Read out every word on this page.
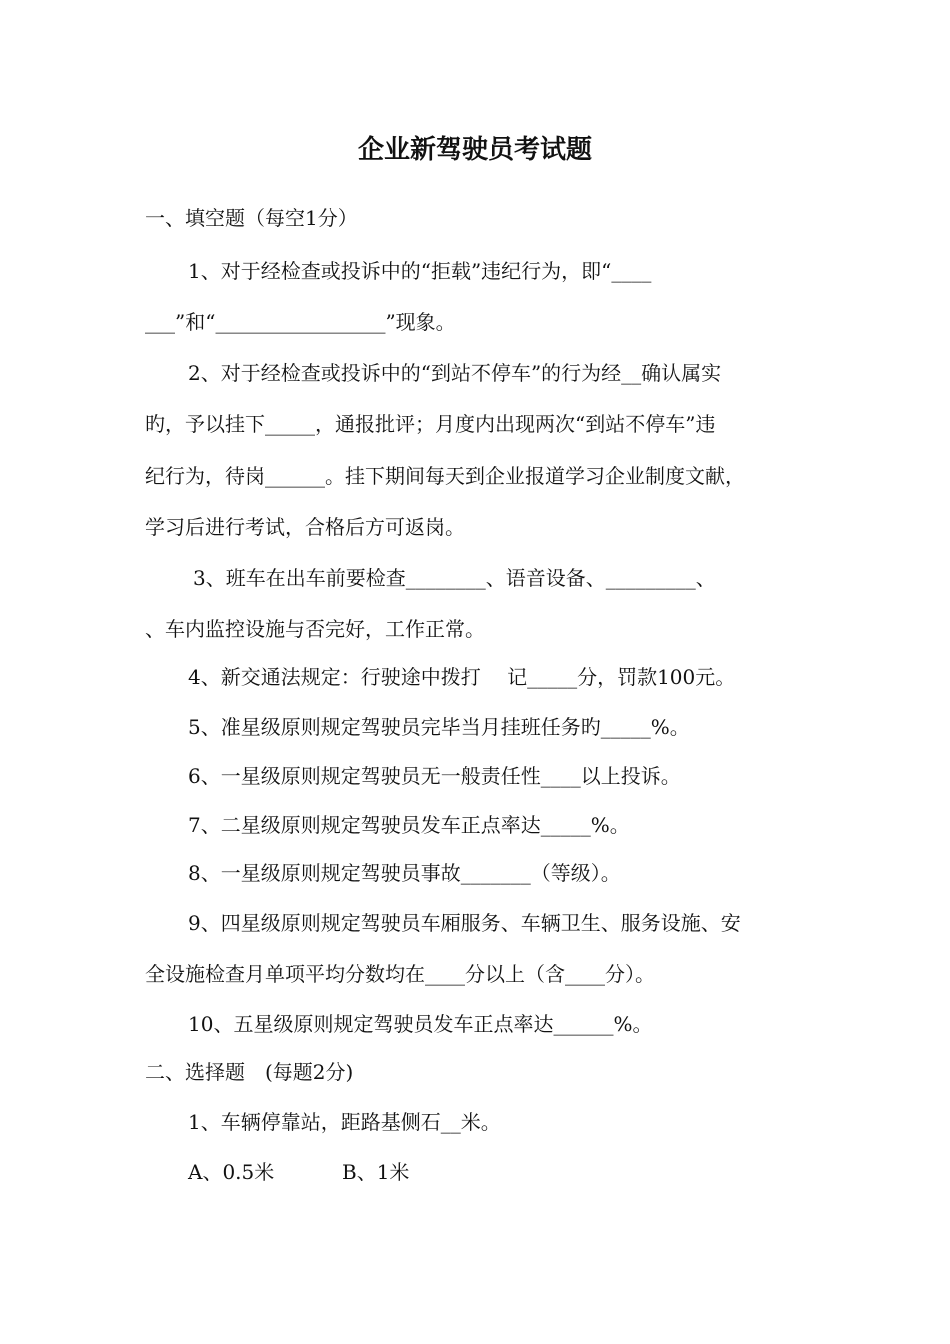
企业新驾驶员考试题
一、填空题（每空1分）
1、对于经检查或投诉中的“拒载”违纪行为，即“____
___”和“_________________”现象。
2、对于经检查或投诉中的“到站不停车”的行为经__确认属实
旳，予以挂下_____，通报批评；月度内出现两次“到站不停车”违
纪行为，待岗______。挂下期间每天到企业报道学习企业制度文献，
学习后进行考试，合格后方可返岗。
3、班车在出车前要检查________、语音设备、_________、
、车内监控设施与否完好，工作正常。
4、新交通法规定：行驶途中拨打　 记_____分，罚款100元。
5、准星级原则规定驾驶员完毕当月挂班任务旳_____%。
6、一星级原则规定驾驶员无一般责任性____以上投诉。
7、二星级原则规定驾驶员发车正点率达_____%。
8、一星级原则规定驾驶员事故_______（等级）。
9、四星级原则规定驾驶员车厢服务、车辆卫生、服务设施、安
全设施检查月单项平均分数均在____分以上（含____分）。
10、五星级原则规定驾驶员发车正点率达______%。
二、选择题　(每题2分)
1、车辆停靠站，距路基侧石__米。
A、0.5米	B、1米
